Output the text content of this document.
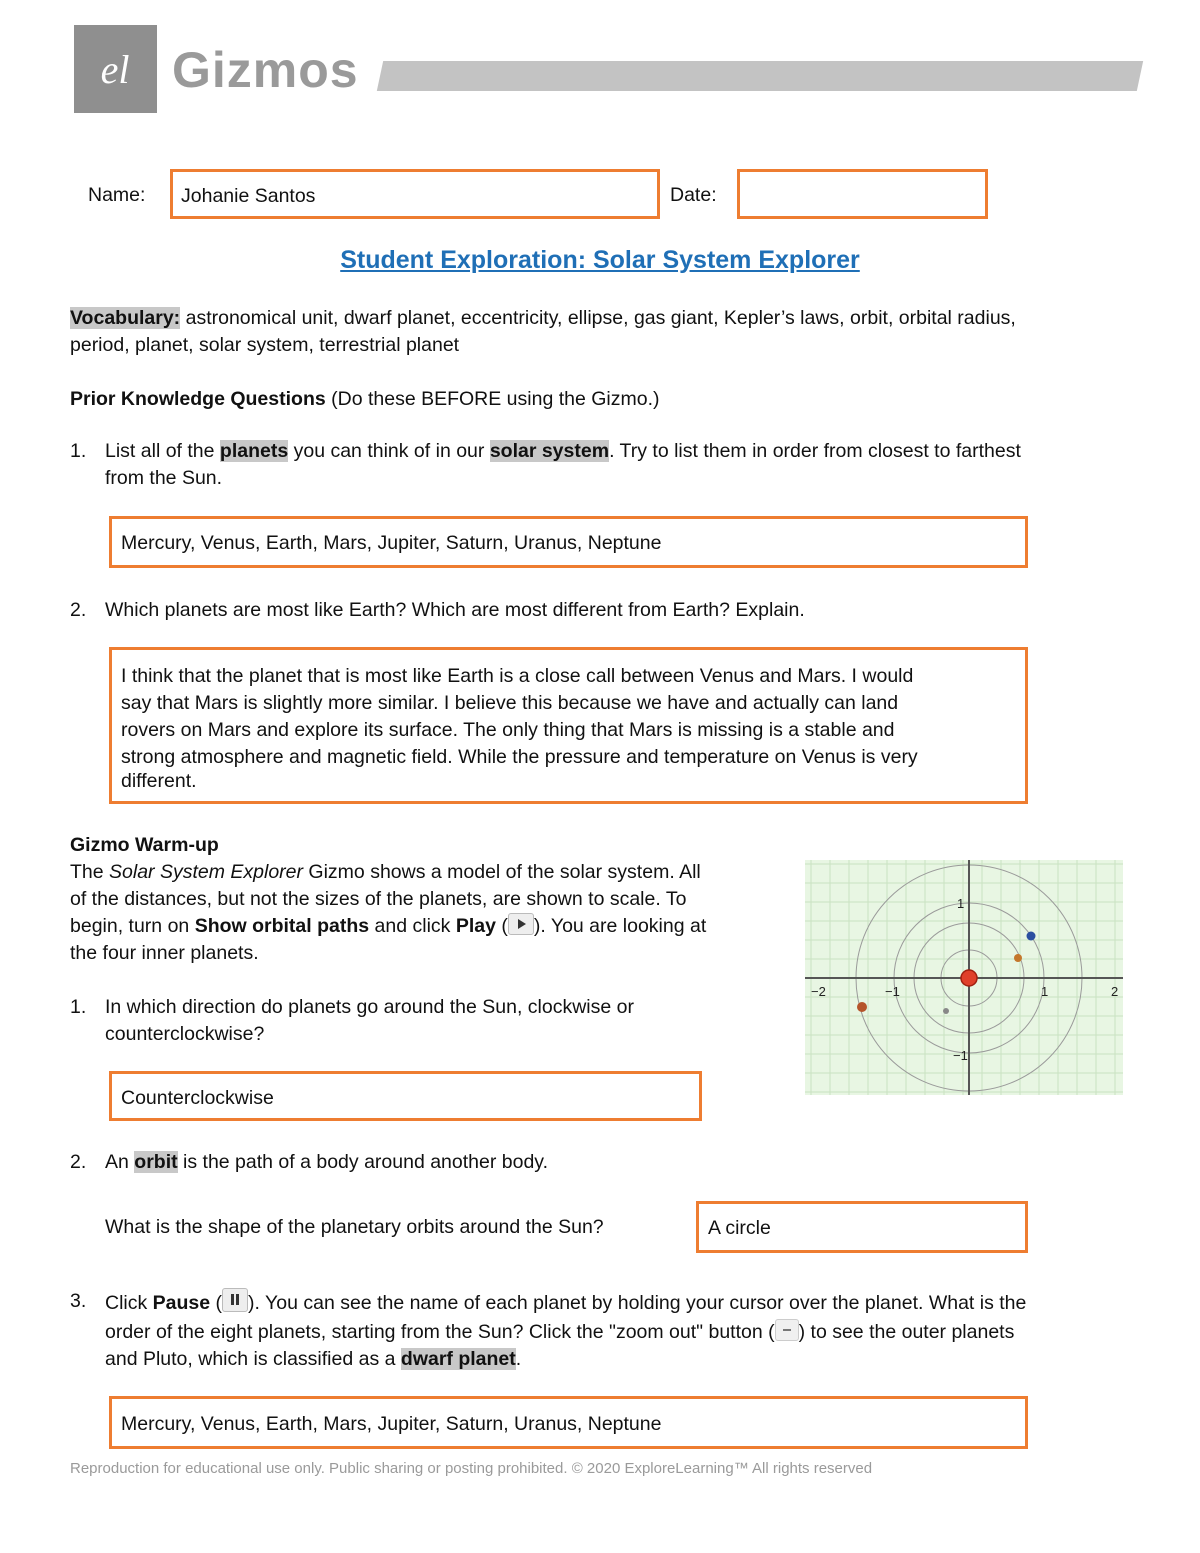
el Gizmos
Name: Johanie Santos	Date:
Student Exploration: Solar System Explorer
Vocabulary: astronomical unit, dwarf planet, eccentricity, ellipse, gas giant, Kepler’s laws, orbit, orbital radius,
period, planet, solar system, terrestrial planet
Prior Knowledge Questions (Do these BEFORE using the Gizmo.)
1. List all of the planets you can think of in our solar system. Try to list them in order from closest to farthest
from the Sun.
Mercury, Venus, Earth, Mars, Jupiter, Saturn, Uranus, Neptune
2. Which planets are most like Earth? Which are most different from Earth? Explain.
I think that the planet that is most like Earth is a close call between Venus and Mars. I would
say that Mars is slightly more similar. I believe this because we have and actually can land
rovers on Mars and explore its surface. The only thing that Mars is missing is a stable and
strong atmosphere and magnetic field. While the pressure and temperature on Venus is very
different.
Gizmo Warm-up
The Solar System Explorer Gizmo shows a model of the solar system. All
of the distances, but not the sizes of the planets, are shown to scale. To
begin, turn on Show orbital paths and click Play ( ). You are looking at
the four inner planets.
−2	−1	1	2
1
−1
1. In which direction do planets go around the Sun, clockwise or
counterclockwise?
Counterclockwise
2. An orbit is the path of a body around another body.
What is the shape of the planetary orbits around the Sun?	A circle
3. Click Pause ( ). You can see the name of each planet by holding your cursor over the planet. What is the
order of the eight planets, starting from the Sun? Click the "zoom out" button ( ) to see the outer planets
and Pluto, which is classified as a dwarf planet.
Mercury, Venus, Earth, Mars, Jupiter, Saturn, Uranus, Neptune
Reproduction for educational use only. Public sharing or posting prohibited. © 2020 ExploreLearning™ All rights reserved
